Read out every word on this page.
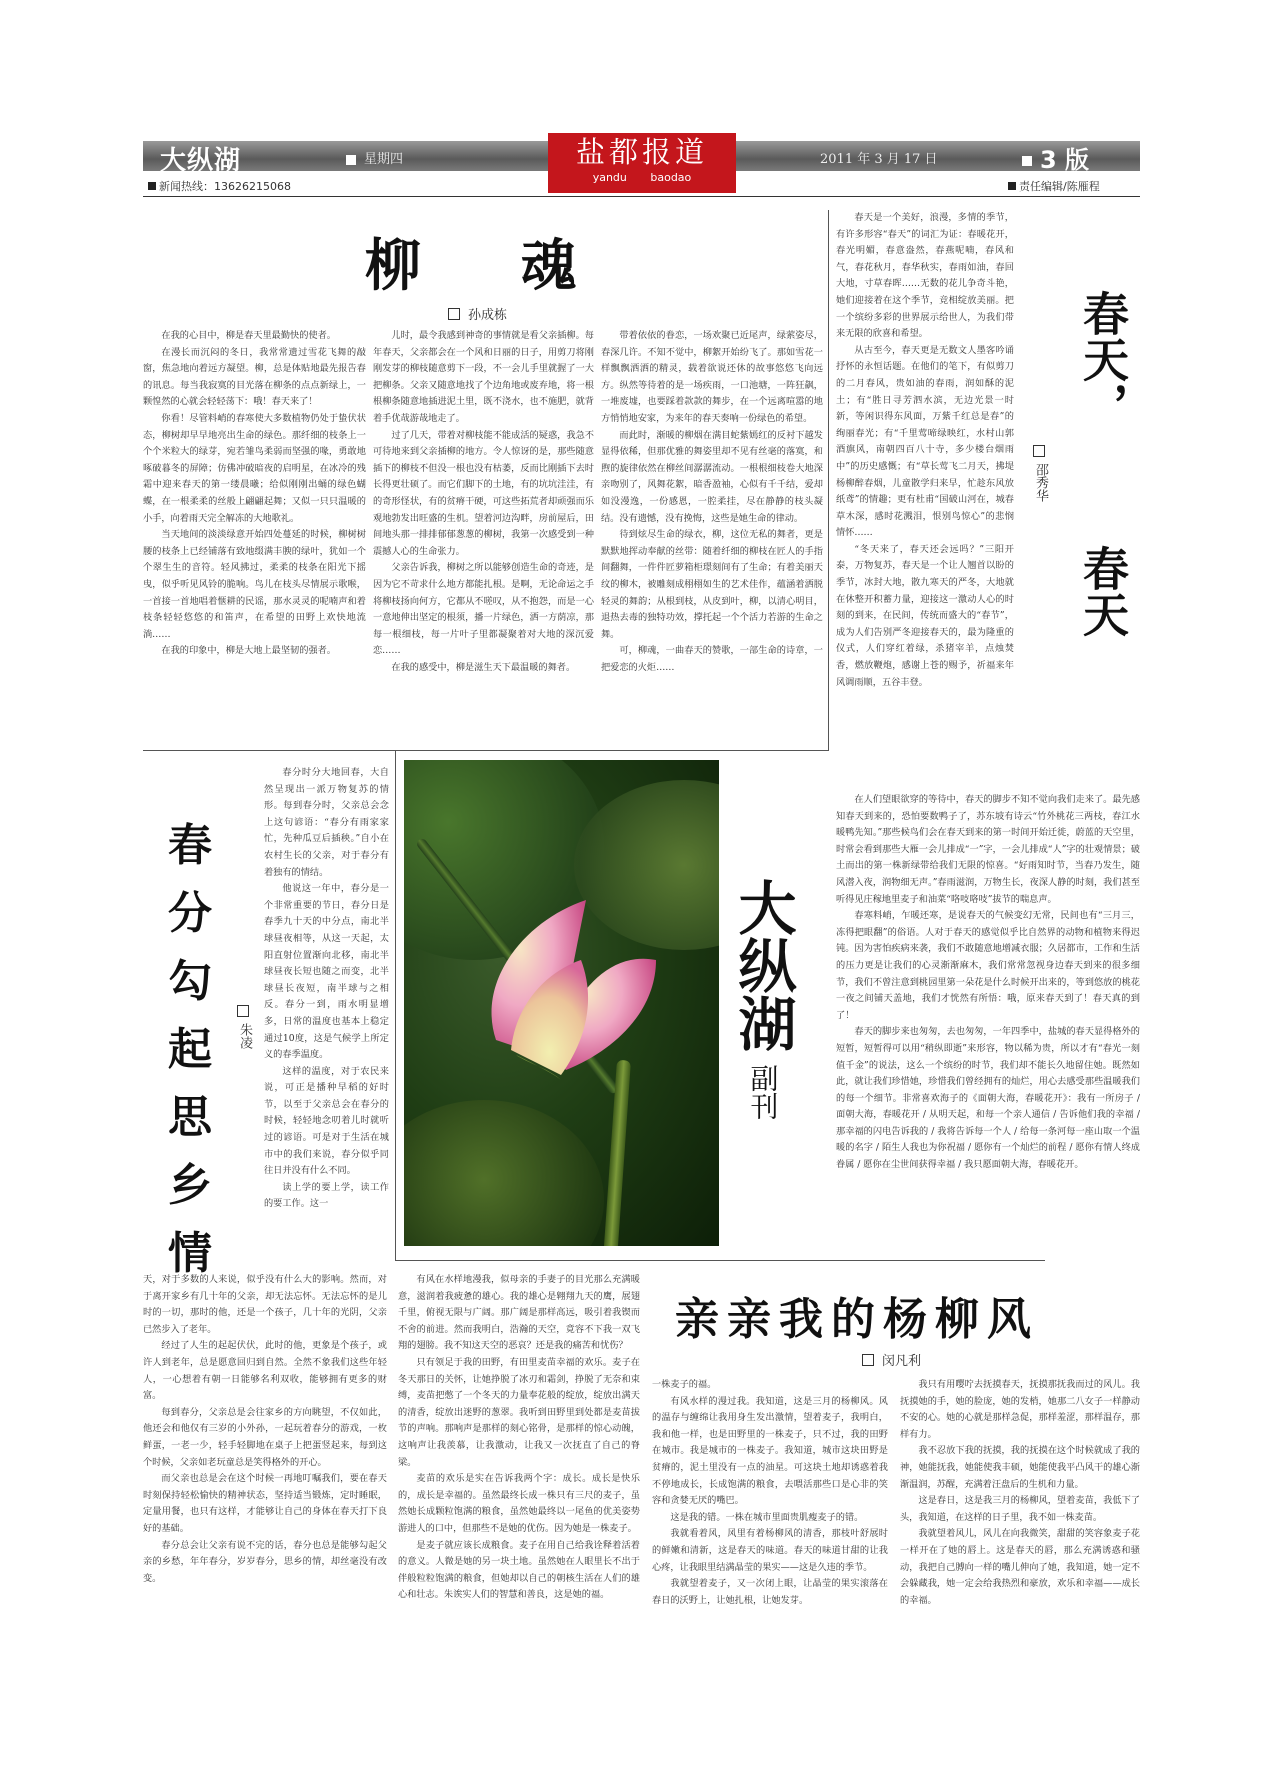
大纵湖	星期四	盐都报道
yandu baodao
2011 年 3 月 17 日	3 版
新闻热线：13626215068	责任编辑/陈雁程
柳 魂
孙成栋

在我的心目中，柳是春天里最勤快的使者。

在漫长而沉闷的冬日，我常常遗过雪花飞舞的敲窗，焦急地向着远方凝望。柳，总是体贴地最先报告春的讯息。每当我寂寞的目光落在柳条的点点新绿上，一颗惶然的心就会轻轻荡下：哦！春天来了！

你看！尽管料峭的春寒使大多数植物仍处于蛰伏状态，柳树却早早地亮出生命的绿色。那纤细的枝条上一个个米粒大的绿芽，宛若雏鸟柔弱而坚强的喙，勇敢地啄破暮冬的屏障；仿佛冲破暗夜的启明星，在冰冷的残霜中迎来春天的第一缕晨曦；给似刚刚出蛹的绿色蝴蝶，在一根柔柔的丝般上翩翩起舞；又似一只只温暖的小手，向着雨天完全解冻的大地歌礼。

当天地间的淡淡绿意开始四处蔓延的时候，柳树树腰的枝条上已经铺落有致地缀满丰腴的绿叶，犹如一个个翠生生的音符。轻风拂过，柔柔的枝条在阳光下摇曳，似乎听见风铃的脆响。鸟儿在枝头尽情展示歌喉，一首接一首地唱着惬耕的民谣，那水灵灵的呢喃声和着枝条轻轻悠悠的和笛声，在希望的田野上欢快地流淌……

在我的印象中，柳是大地上最坚韧的强者。

儿时，最令我感到神奇的事情就是看父亲插柳。每年春天，父亲都会在一个风和日丽的日子，用剪刀将刚刚发芽的柳枝随意剪下一段，不一会儿手里就握了一大把柳条。父亲又随意地找了个边角地或废弃地，将一根根柳条随意地插进泥土里，既不浇水，也不施肥，就背着手优哉游哉地走了。

过了几天，带着对柳枝能不能成活的疑惑，我急不可待地来到父亲插柳的地方。令人惊讶的是，那些随意插下的柳枝不但没一根也没有枯萎，反而比刚插下去时长得更壮硕了。而它们脚下的土地，有的坑坑洼洼，有的奇形怪状，有的贫瘠干硬，可这些拓荒者却顽强而乐观地勃发出旺盛的生机。望着河边沟畔，房前屋后，田间地头那一排排郁郁葱葱的柳树，我第一次感受到一种震撼人心的生命张力。

父亲告诉我，柳树之所以能够创造生命的奇迹，是因为它不苛求什么地方都能扎根。是啊，无论命运之手将柳枝扬向何方，它都从不嗟叹，从不抱怨，而是一心一意地伸出坚定的根须，播一片绿色，洒一方荫凉，那每一根细枝，每一片叶子里都凝聚着对大地的深沉爱恋……

在我的感受中，柳是滋生天下最温暖的舞者。

带着依依的眷恋，一场欢聚已近尾声，绿萦姿尽，春深几许。不知不觉中，柳絮开始纷飞了。那如雪花一样飘飘洒洒的精灵，载着欲说还休的故事悠悠飞向远方。纵然等待着的是一场疾雨，一口池塘，一阵狂飙，一堆废墟，也要踩着款款的舞步，在一个远离喧嚣的地方悄悄地安家，为来年的春天奏响一份绿色的希望。

而此时，渐暖的柳烟在满目蛇紫嫣红的反衬下越发显得依稀，但那优雅的舞姿里却不见有丝毫的落寞，和煦的旋律依然在柳丝间潺潺流动。一根根细枝卷大地深亲吻别了，风舞花絮，暗香盈袖，心似有千千结，爱却如没漫逸，一份感恩，一腔柔挂，尽在静静的枝头凝结。没有遗憾，没有挽悔，这些是她生命的律动。

待到炫尽生命的绿衣，柳，这位无私的舞者，更是默默地挥动奉献的丝带：随着纤细的柳枝在匠人的手指间翻舞，一件件匠萝箱柜璟刻间有了生命；有着美丽天纹的柳木，被雕刻成栩栩如生的艺术佳作，蕴涵着洒脱轻灵的舞韵；从根到枝，从皮到叶，柳，以清心明目，退热去毒的独特功效，撑托起一个个活力若游的生命之舞。

可，柳魂，一曲春天的赞歌，一部生命的诗章，一把爱恋的火炬……

春天是一个美好，浪漫，多情的季节，有许多形容“春天”的词汇为证：春暖花开，春光明媚，春意盎然，春燕呢喃，春风和气，春花秋月，春华秋实，春雨如油，春回大地，寸草春晖……无数的花儿争奇斗艳，她们迎接着在这个季节，竞相绽放美丽。把一个缤纷多彩的世界展示给世人，为我们带来无限的欣喜和希望。

从古至今，春天更是无数文人墨客吟诵抒怀的永恒话题。在他们的笔下，有似剪刀的二月春风，贵如油的春雨，润如酥的泥土；有“胜日寻芳泗水滨，无边光景一时新，等闲识得东风面，万紫千红总是春”的绚丽春光；有“千里莺啼绿映红，水村山郭酒旗风，南朝四百八十寺，多少楼台烟雨中”的历史感慨；有“草长莺飞二月天，拂堤杨柳醉春烟，儿童散学归来早，忙趁东风放纸鸢”的情趣；更有杜甫“国破山河在，城春草木深，感时花溅泪，恨别鸟惊心”的悲悯情怀……

“冬天来了，春天还会远吗？”三阳开泰，万物复苏，春天是一个让人翘首以盼的季节，冰封大地，散九寒天的严冬，大地就在休整开积蓄力量，迎接这一激动人心的时刻的到来，在民间，传统而盛大的“春节”，成为人们告别严冬迎接春天的，最为隆重的仪式，人们穿红着绿，杀猪宰羊，点烛焚香，燃放鞭炮，感谢上苍的赐予，祈福来年风调雨顺，五谷丰登。

春天，
邵秀华
春天

在人们望眼欲穿的等待中，春天的脚步不知不觉向我们走来了。最先感知春天到来的，恐怕要数鸭子了，苏东坡有诗云“竹外桃花三两枝，春江水暖鸭先知。”那些候鸟们会在春天到来的第一时间开始迁徙，蔚蓝的天空里，时常会看到那些大雁一会儿排成“一”字，一会儿排成“人”字的壮观情景；破土而出的第一株新绿带给我们无限的惊喜。“好雨知时节，当春乃发生，随风潜入夜，润物细无声。”春雨滋润，万物生长，夜深人静的时刻，我们甚至听得见庄稼地里麦子和油菜“咯吱咯吱”拔节的喘息声。

春寒料峭，乍暖还寒，是说春天的气候变幻无常，民间也有“三月三，冻得把眼翻”的俗语。人对于春天的感觉似乎比自然界的动物和植物来得迟钝。因为害怕疾病来袭，我们不敢随意地增减衣服；久居都市，工作和生活的压力更是让我们的心灵渐渐麻木，我们常常忽视身边春天到来的很多细节，我们不曾注意到桃园里第一朵花是什么时候开出来的，等到悠放的桃花一夜之间铺天盖地，我们才恍然有所悟：哦，原来春天到了！春天真的到了！

春天的脚步来也匆匆，去也匆匆，一年四季中，盐城的春天显得格外的短暂，短暂得可以用“稍纵即逝”来形容，物以稀为贵，所以才有“春光一刻值千金”的说法，这么一个缤纷的时节，我们却不能长久地留住她。既然如此，就让我们珍惜她，珍惜我们曾经拥有的灿烂，用心去感受那些温暖我们的每一个细节。非常喜欢海子的《面朝大海，春暖花开》：我有一所房子 / 面朝大海，春暖花开 / 从明天起，和每一个亲人通信 / 告诉他们我的幸福 / 那幸福的闪电告诉我的 / 我将告诉每一个人 / 给每一条河每一座山取一个温暖的名字 / 陌生人我也为你祝福 / 愿你有一个灿烂的前程 / 愿你有情人终成眷属 / 愿你在尘世间获得幸福 / 我只愿面朝大海，春暖花开。

春
分
勾
起
思
乡
情
朱凌

春分时分大地回春，大自然呈现出一派万物复苏的情形。每到春分时，父亲总会念上这句谚语：“春分有雨家家忙，先种瓜豆后插秧。”自小在农村生长的父亲，对于春分有着独有的情结。

他说这一年中，春分是一个非常重要的节日，春分日是春季九十天的中分点，南北半球昼夜相等，从这一天起，太阳直射位置渐向北移，南北半球昼夜长短也随之而变，北半球昼长夜短，南半球与之相反。春分一到，雨水明显增多，日常的温度也基本上稳定通过10度，这是气候学上所定义的春季温度。

这样的温度，对于农民来说，可正是播种早稻的好时节，以至于父亲总会在春分的时候，轻轻地念叨着儿时就听过的谚语。可是对于生活在城市中的我们来说，春分似乎同往日并没有什么不同。

读上学的要上学，读工作的要工作。这一

天，对于多数的人来说，似乎没有什么大的影响。然而，对于离开家乡有几十年的父亲，却无法忘怀。无法忘怀的是儿时的一切，那时的他，还是一个孩子，几十年的光阴，父亲已然步入了老年。

经过了人生的起起伏伏，此时的他，更象是个孩子，或许人到老年，总是愿意回归到自然。全然不象我们这些年轻人，一心想着有朝一日能够名利双收，能够拥有更多的财富。

每到春分，父亲总是会往家乡的方向眺望，不仅如此，他还会和他仅有三岁的小外孙，一起玩着春分的游戏，一枚鲜蛋，一老一少，轻手轻脚地在桌子上把蛋竖起来，每到这个时候，父亲如老玩童总是笑得格外的开心。

而父亲也总是会在这个时候一再地叮嘱我们，要在春天时刻保持轻松愉快的精神状态，坚持适当锻炼，定时睡眠，定量用餐，也只有这样，才能够让自己的身体在春天打下良好的基础。

春分总会让父亲有说不完的话，春分也总是能够勾起父亲的乡愁，年年春分，岁岁春分，思乡的情，却丝毫没有改变。

大纵湖
副刊

有风在水样地漫我，似母亲的手妻子的目光那么充满暖意，滋润着我疲惫的雄心。我的雄心是翱翔九天的鹰，展翅千里，俯视无限与广阔。那广阔是那样高远，吸引着我锲而不舍的前进。然而我明白，浩瀚的天空，竟容不下我一双飞翔的翅膀。我不知这天空的恶哀？还是我的痛苦和忧伤？

只有领足于我的田野，有田里麦苗幸福的欢乐。麦子在冬天那日的关怀，让她挣脱了冰刃和霜剑，挣脱了无奈和束缚，麦苗把憋了一个冬天的力量奉花般的绽放，绽放出满天的清香，绽放出迷野的葱翠。我听到田野里到处都是麦苗拔节的声响。那响声是那样的刻心铭骨，是那样的惊心动魄，这响声让我羡慕，让我激动，让我又一次抚直了自己的脊梁。

麦苗的欢乐是实在告诉我两个字：成长。成长是快乐的，成长是幸福的。虽然最终长成一株只有三尺的麦子，虽然她长成颗粒饱满的粮食，虽然她最终以一尾鱼的优美姿势游进人的口中，但那些不是她的优伤。因为她是一株麦子。

是麦子就应该长成粮食。麦子在用自己给我诠释着活着的意义。人微是她的另一块土地。虽然她在人眼里长不出于伴般粒粒饱满的粮食，但她却以自己的朝核生活在人们的雄心和壮志。朱诶实人们的智慧和善良，这是她的福。

亲亲我的杨柳风
闵凡利

一株麦子的福。

有风水样的漫过我。我知道，这是三月的杨柳风。风的温存与缠绵让我用身生发出激情，望着麦子，我明白，我和他一样，也是田野里的一株麦子，只不过，我的田野在城市。我是城市的一株麦子。我知道，城市这块田野是贫瘠的，泥土里没有一点的油星。可这块土地却诱惑着我不停地成长，长成饱满的粮食，去喂活那些口是心非的笑容和贪婪无厌的嘴巴。

这是我的错。一株在城市里面贵肌瘦麦子的错。

我就看着风，风里有着杨柳风的清香，那枝叶舒展时的鲜嫩和清新，这是春天的味道。春天的味道甘甜的让我心疼，让我眼里结满晶莹的果实——这是久违的季节。

我就望着麦子，又一次闭上眼，让晶莹的果实滚落在春日的沃野上，让她扎根，让她发芽。

我只有用嘤咛去抚摸春天，抚摸那抚我而过的风儿。我抚摸她的手，她的脸庞，她的发梢，她那二八女子一样静动不安的心。她的心就是那样急促，那样羞涩，那样温存，那样有力。

我不忍放下我的抚摸，我的抚摸在这个时候就成了我的神，她能抚我，她能使我丰硕，她能使我平凸风干的雄心渐渐温润，苏醒，充满着汪盘后的生机和力量。

这是春日，这是我三月的杨柳风，望着麦苗，我低下了头，我知道，在这样的日子里，我不如一株麦苗。

我就望着风儿，风儿在向我微笑，甜甜的笑容象麦子花一样开在了她的唇上。这是春天的唇，那么充满诱惑和骚动，我把自己膊向一样的嘴儿伸向了她，我知道，她一定不会躲藏我，她一定会给我热烈和豪放，欢乐和幸福——成长的幸福。
